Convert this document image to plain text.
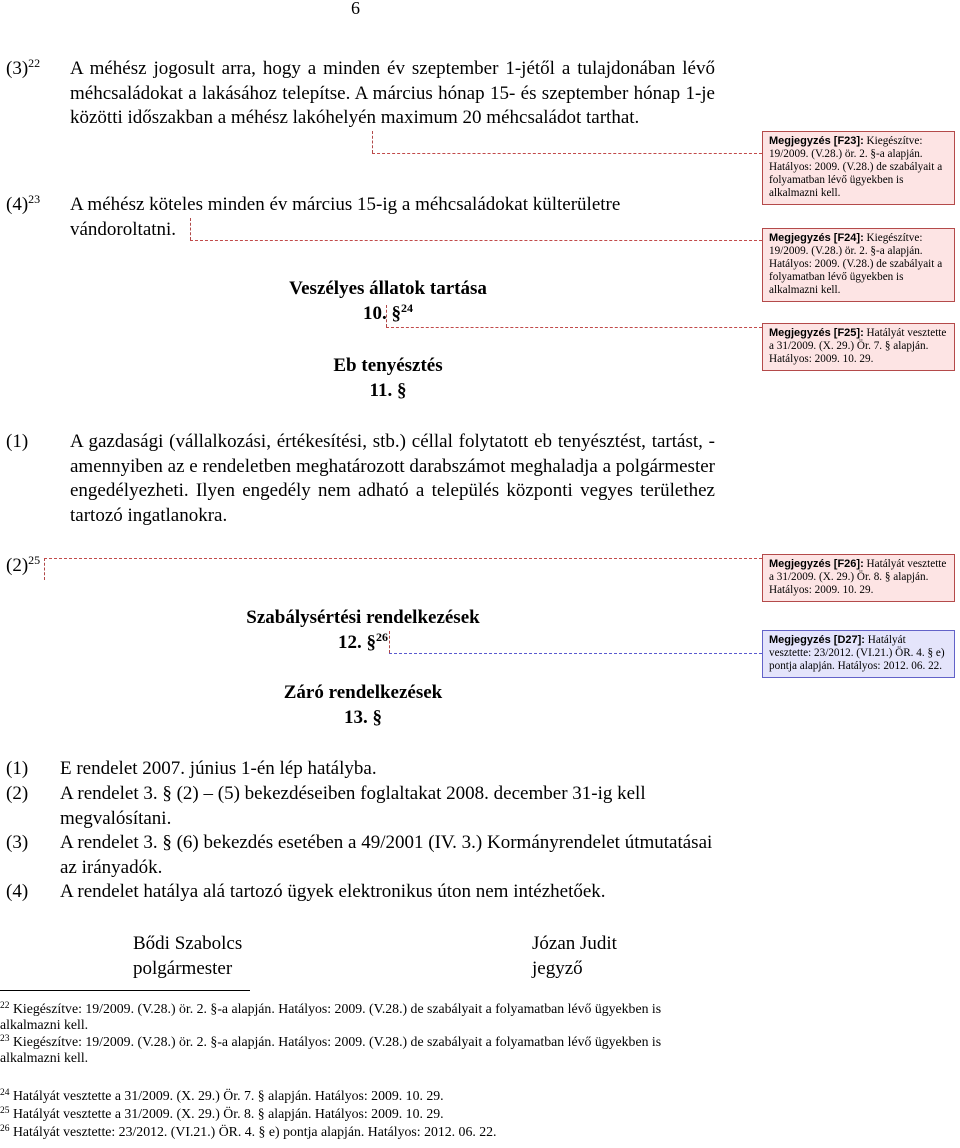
6
$(3)^{22}$ A méhész jogosult arra, hogy a minden év szeptember 1-jétől a tulajdonában lévő méhcsaládokat a lakásához telepítse. A március hónap 15- és szeptember hónap 1-je közötti időszakban a méhész lakóhelyén maximum 20 méhcsaládot tarthat.
$(4)^{23}$ A méhész köteles minden év március 15-ig a méhcsaládokat külterületre vándoroltatni.
Veszélyes állatok tartása
10. §$^{24}$
Eb tenyésztés
11. §
(1) A gazdasági (vállalkozási, értékesítési, stb.) céllal folytatott eb tenyésztést, tartást, - amennyiben az e rendeletben meghatározott darabszámot meghaladja a polgármester engedélyezheti. Ilyen engedély nem adható a település központi vegyes területhez tartozó ingatlanokra.
$(2)^{25}$
Szabálysértési rendelkezések
12. §$^{26}$
Záró rendelkezések
13. §
(1) E rendelet 2007. június 1-én lép hatályba.
(2) A rendelet 3. § (2) – (5) bekezdéseiben foglaltakat 2008. december 31-ig kell megvalósítani.
(3) A rendelet 3. § (6) bekezdés esetében a 49/2001 (IV. 3.) Kormányrendelet útmutatásai az irányadók.
(4) A rendelet hatálya alá tartozó ügyek elektronikus úton nem intézhetőek.
Bődi Szabolcs
polgármester
Józan Judit
jegyző
Megjegyzés [F23]: Kiegészítve: 19/2009. (V.28.) ör. 2. §-a alapján. Hatályos: 2009. (V.28.) de szabályait a folyamatban lévő ügyekben is alkalmazni kell.
Megjegyzés [F24]: Kiegészítve: 19/2009. (V.28.) ör. 2. §-a alapján. Hatályos: 2009. (V.28.) de szabályait a folyamatban lévő ügyekben is alkalmazni kell.
Megjegyzés [F25]: Hatályát vesztette a 31/2009. (X. 29.) Ör. 7. § alapján. Hatályos: 2009. 10. 29.
Megjegyzés [F26]: Hatályát vesztette a 31/2009. (X. 29.) Ör. 8. § alapján. Hatályos: 2009. 10. 29.
Megjegyzés [D27]: Hatályát vesztette: 23/2012. (VI.21.) ÖR. 4. § e) pontja alapján. Hatályos: 2012. 06. 22.
$^{22}$ Kiegészítve: 19/2009. (V.28.) ör. 2. §-a alapján. Hatályos: 2009. (V.28.) de szabályait a folyamatban lévő ügyekben is alkalmazni kell.
$^{23}$ Kiegészítve: 19/2009. (V.28.) ör. 2. §-a alapján. Hatályos: 2009. (V.28.) de szabályait a folyamatban lévő ügyekben is alkalmazni kell.
$^{24}$ Hatályát vesztette a 31/2009. (X. 29.) Ör. 7. § alapján. Hatályos: 2009. 10. 29.
$^{25}$ Hatályát vesztette a 31/2009. (X. 29.) Ör. 8. § alapján. Hatályos: 2009. 10. 29.
$^{26}$ Hatályát vesztette: 23/2012. (VI.21.) ÖR. 4. § e) pontja alapján. Hatályos: 2012. 06. 22.
